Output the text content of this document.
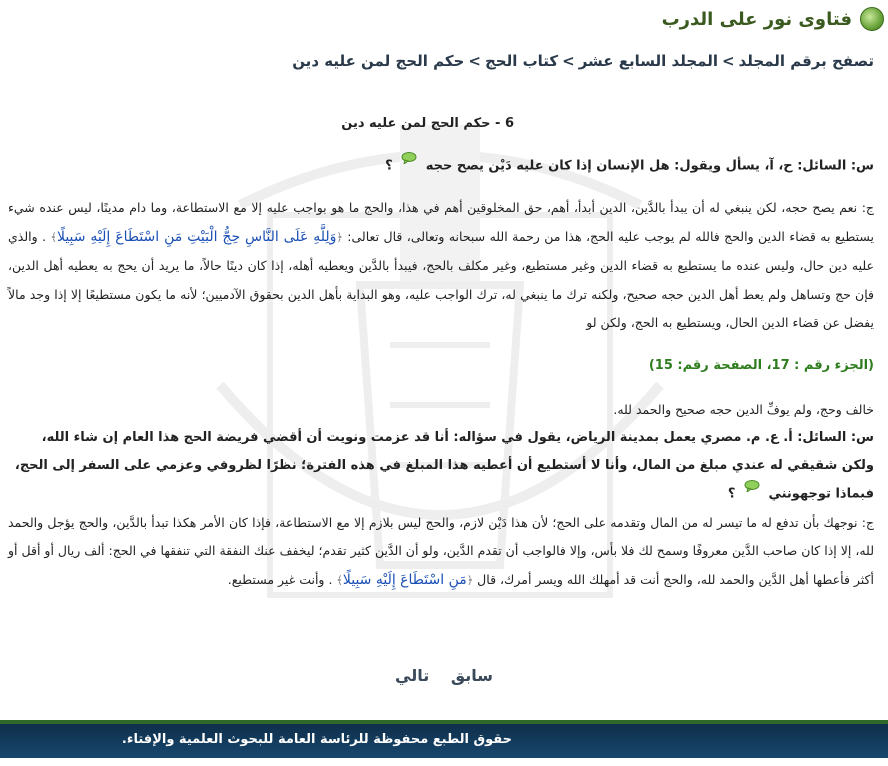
فتاوى نور على الدرب
تصفح برقم المجلد>المجلد السابع عشر>كتاب الحج>حكم الحج لمن عليه دين
6 - حكم الحج لمن عليه دين

س: السائل: ح، آ، يسأل ويقول: هل الإنسان إذا كان عليه دَيْن يصح حجه  ؟

ج: نعم يصح حجه، لكن ينبغي له أن يبدأ بالدَّين، الدين أبدأ، أهم، حق المخلوقين أهم في هذا، والحج ما هو بواجب عليه إلا مع الاستطاعة، وما دام مدينًا، ليس عنده شيء يستطيع به قضاء الدين والحج فالله لم يوجب عليه الحج، هذا من رحمة الله سبحانه وتعالى، قال تعالى: ﴿وَلِلَّهِ عَلَى النَّاسِ حِجُّ الْبَيْتِ مَنِ اسْتَطَاعَ إِلَيْهِ سَبِيلًا﴾ . والذي عليه دين حال، وليس عنده ما يستطيع به قضاء الدين وغير مستطيع، وغير مكلف بالحج، فيبدأ بالدَّين ويعطيه أهله، إذا كان دينًا حالاً، ما يريد أن يحج به يعطيه أهل الدين، فإن حج وتساهل ولم يعط أهل الدين حجه صحيح، ولكنه ترك ما ينبغي له، ترك الواجب عليه، وهو البداية بأهل الدين بحقوق الآدميين؛ لأنه ما يكون مستطيعًا إلا إذا وجد مالاً يفضل عن قضاء الدين الحال، ويستطيع به الحج، ولكن لو

(الجزء رقم : 17، الصفحة رقم: 15)

خالف وحج، ولم يوفِّ الدين حجه صحيح والحمد لله.

س: السائل: أ. ع. م. مصري يعمل بمدينة الرياض، يقول في سؤاله: أنا قد عزمت ونويت أن أقضي فريضة الحج هذا العام إن شاء الله، ولكن شقيقي له عندي مبلغ من المال، وأنا لا أستطيع أن أعطيه هذا المبلغ في هذه الفترة؛ نظرًا لظروفي وعزمي على السفر إلى الحج، فبماذا توجهونني  ؟

ج: نوجهك بأن تدفع له ما تيسر له من المال وتقدمه على الحج؛ لأن هذا دَيْن لازم، والحج ليس بلازم إلا مع الاستطاعة، فإذا كان الأمر هكذا تبدأ بالدَّين، والحج يؤجل والحمد لله، إلا إذا كان صاحب الدَّين معروفًا وسمح لك فلا بأس، وإلا فالواجب أن تقدم الدَّين، ولو أن الدَّين كثير تقدم؛ ليخفف عنك النفقة التي تنفقها في الحج: ألف ريال أو أقل أو أكثر فأعطها أهل الدَّين والحمد لله، والحج أنت قد أمهلك الله ويسر أمرك، قال ﴿مَنِ اسْتَطَاعَ إِلَيْهِ سَبِيلًا﴾ . وأنت غير مستطيع.

سابق تالي
حقوق الطبع محفوظة للرئاسة العامة للبحوث العلمية والإفتاء.
